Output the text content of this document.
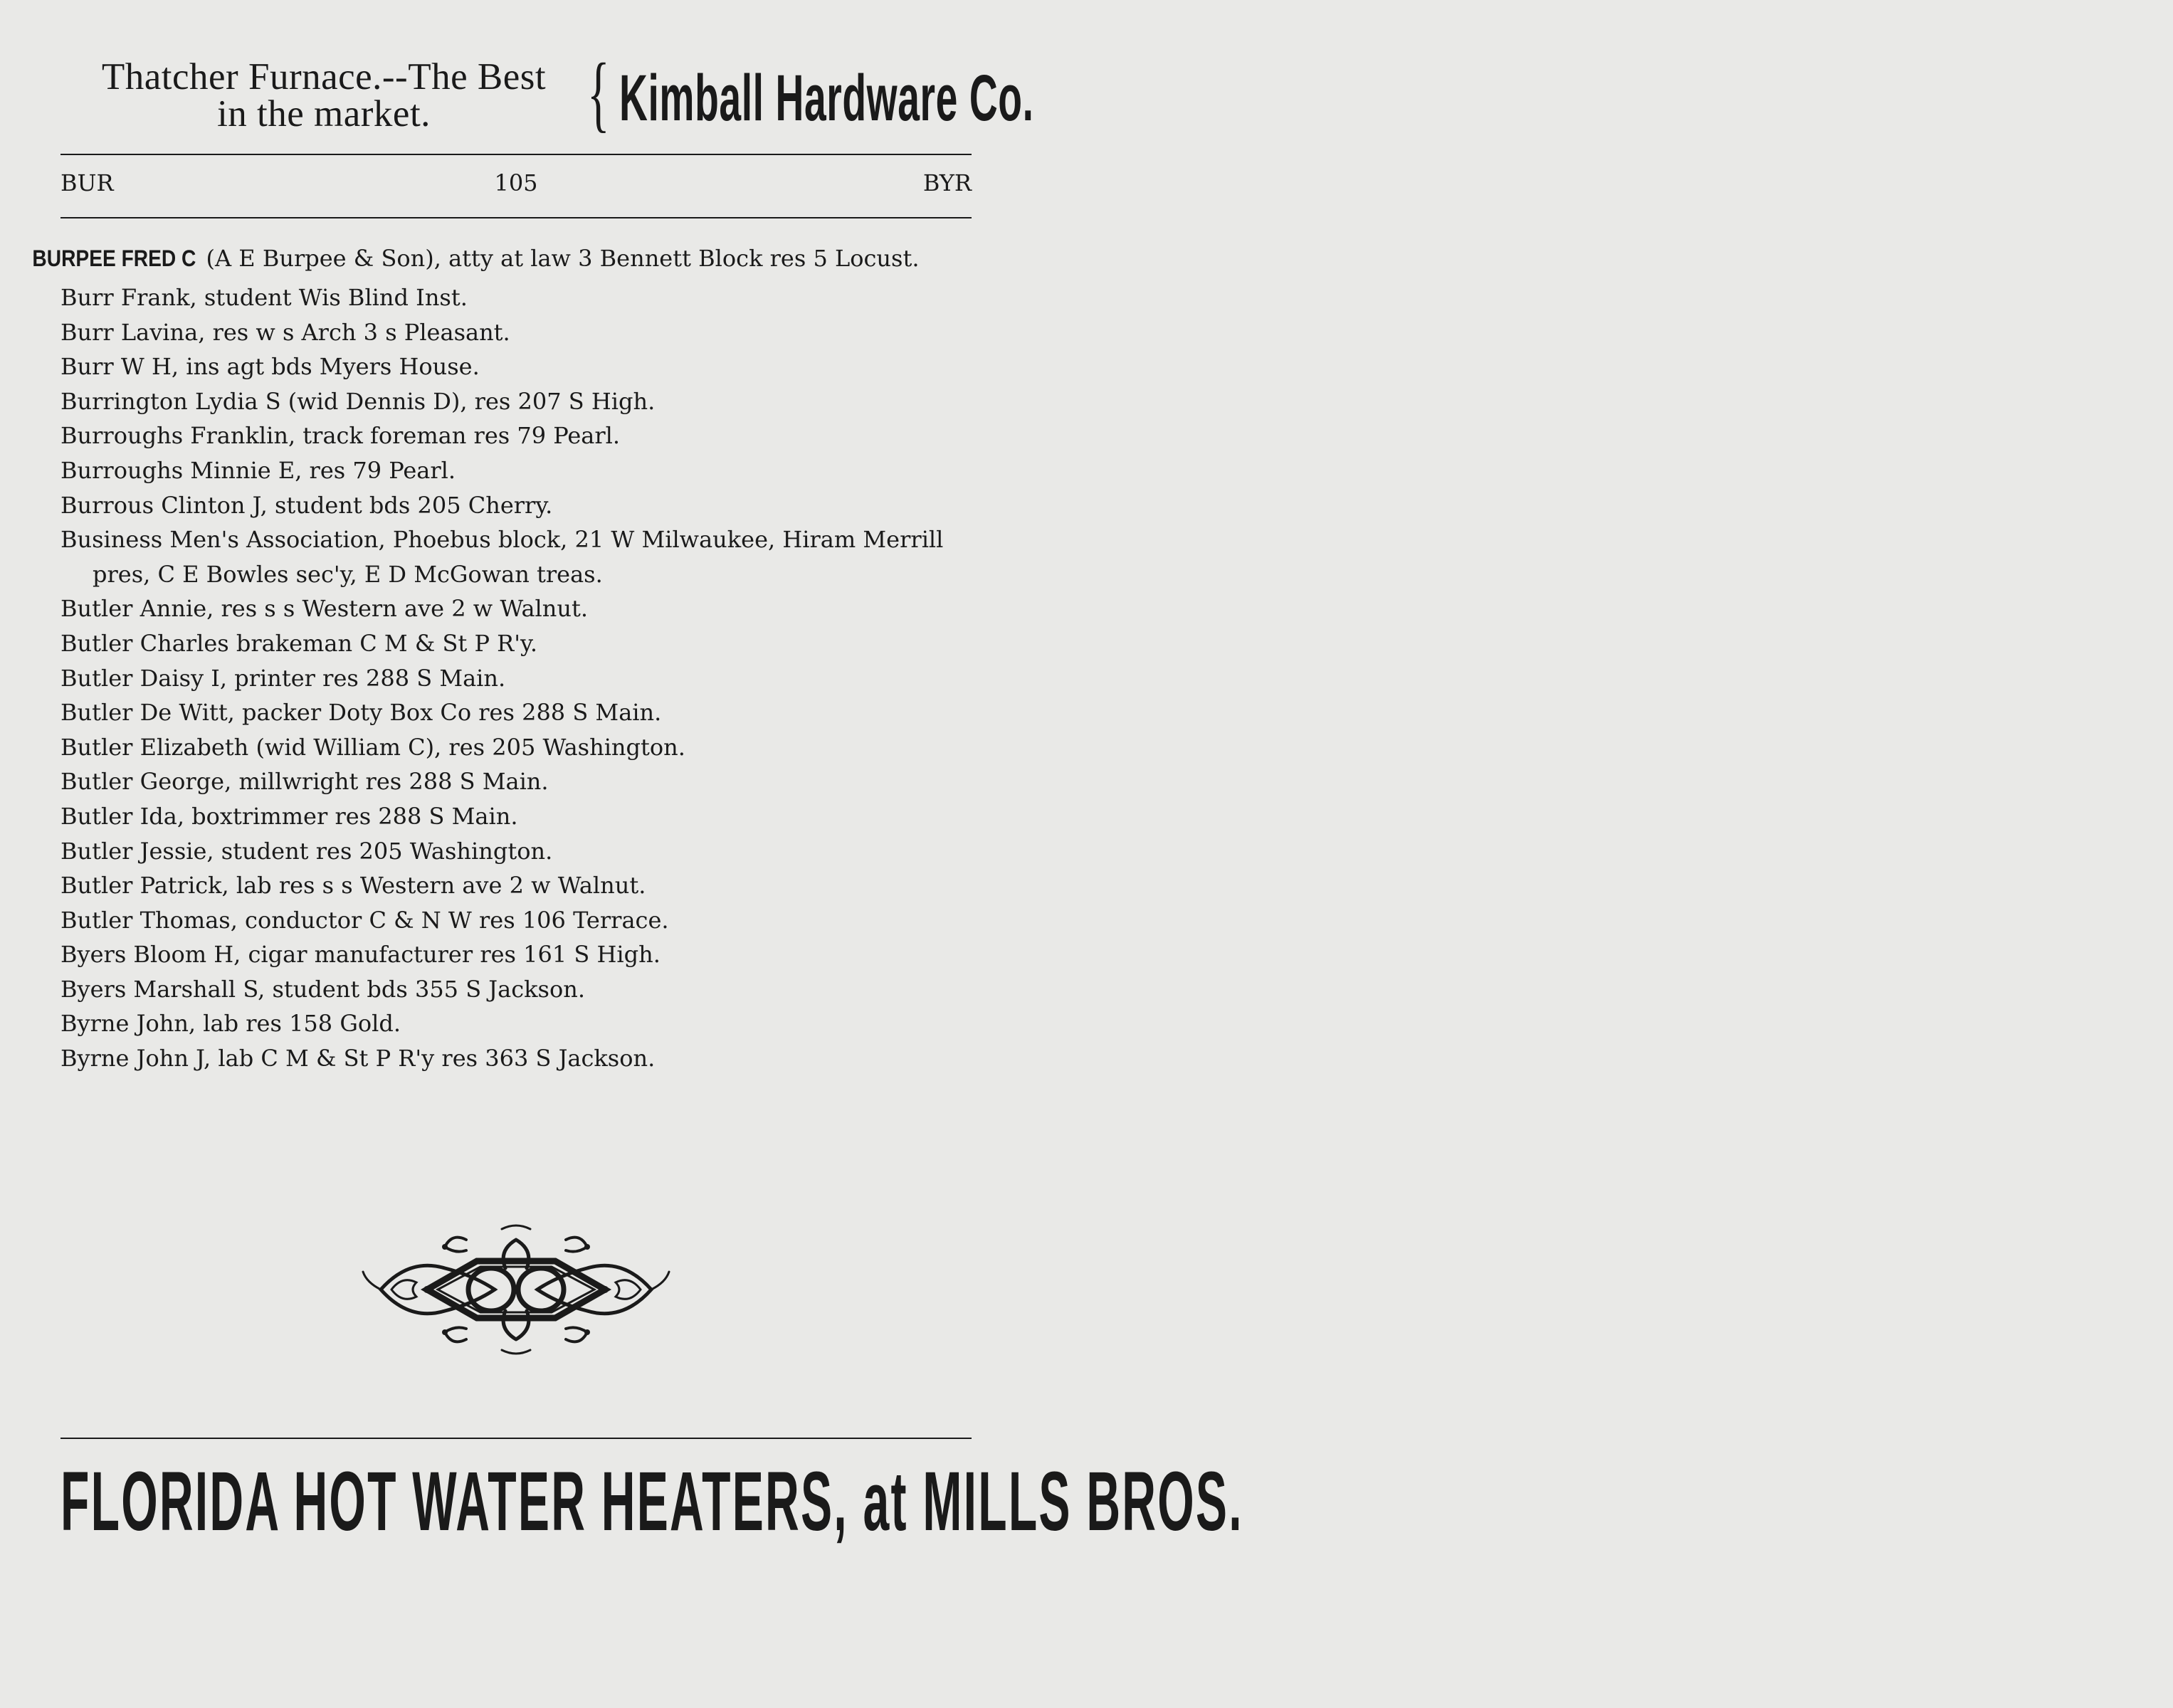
Thatcher Furnace.--The Best
in the market.	{ Kimball Hardware Co.
BUR	105	BYR

BURPEE FRED C (A E Burpee & Son), atty at law 3 Bennett Block res 5 Locust.

Burr Frank, student Wis Blind Inst.

Burr Lavina, res w s Arch 3 s Pleasant.

Burr W H, ins agt bds Myers House.

Burrington Lydia S (wid Dennis D), res 207 S High.

Burroughs Franklin, track foreman res 79 Pearl.

Burroughs Minnie E, res 79 Pearl.

Burrous Clinton J, student bds 205 Cherry.

Business Men's Association, Phoebus block, 21 W Milwaukee, Hiram Merrill pres, C E Bowles sec'y, E D McGowan treas.

Butler Annie, res s s Western ave 2 w Walnut.

Butler Charles brakeman C M & St P R'y.

Butler Daisy I, printer res 288 S Main.

Butler De Witt, packer Doty Box Co res 288 S Main.

Butler Elizabeth (wid William C), res 205 Washington.

Butler George, millwright res 288 S Main.

Butler Ida, boxtrimmer res 288 S Main.

Butler Jessie, student res 205 Washington.

Butler Patrick, lab res s s Western ave 2 w Walnut.

Butler Thomas, conductor C & N W res 106 Terrace.

Byers Bloom H, cigar manufacturer res 161 S High.

Byers Marshall S, student bds 355 S Jackson.

Byrne John, lab res 158 Gold.

Byrne John J, lab C M & St P R'y res 363 S Jackson.

FLORIDA HOT WATER HEATERS, at MILLS BROS.
